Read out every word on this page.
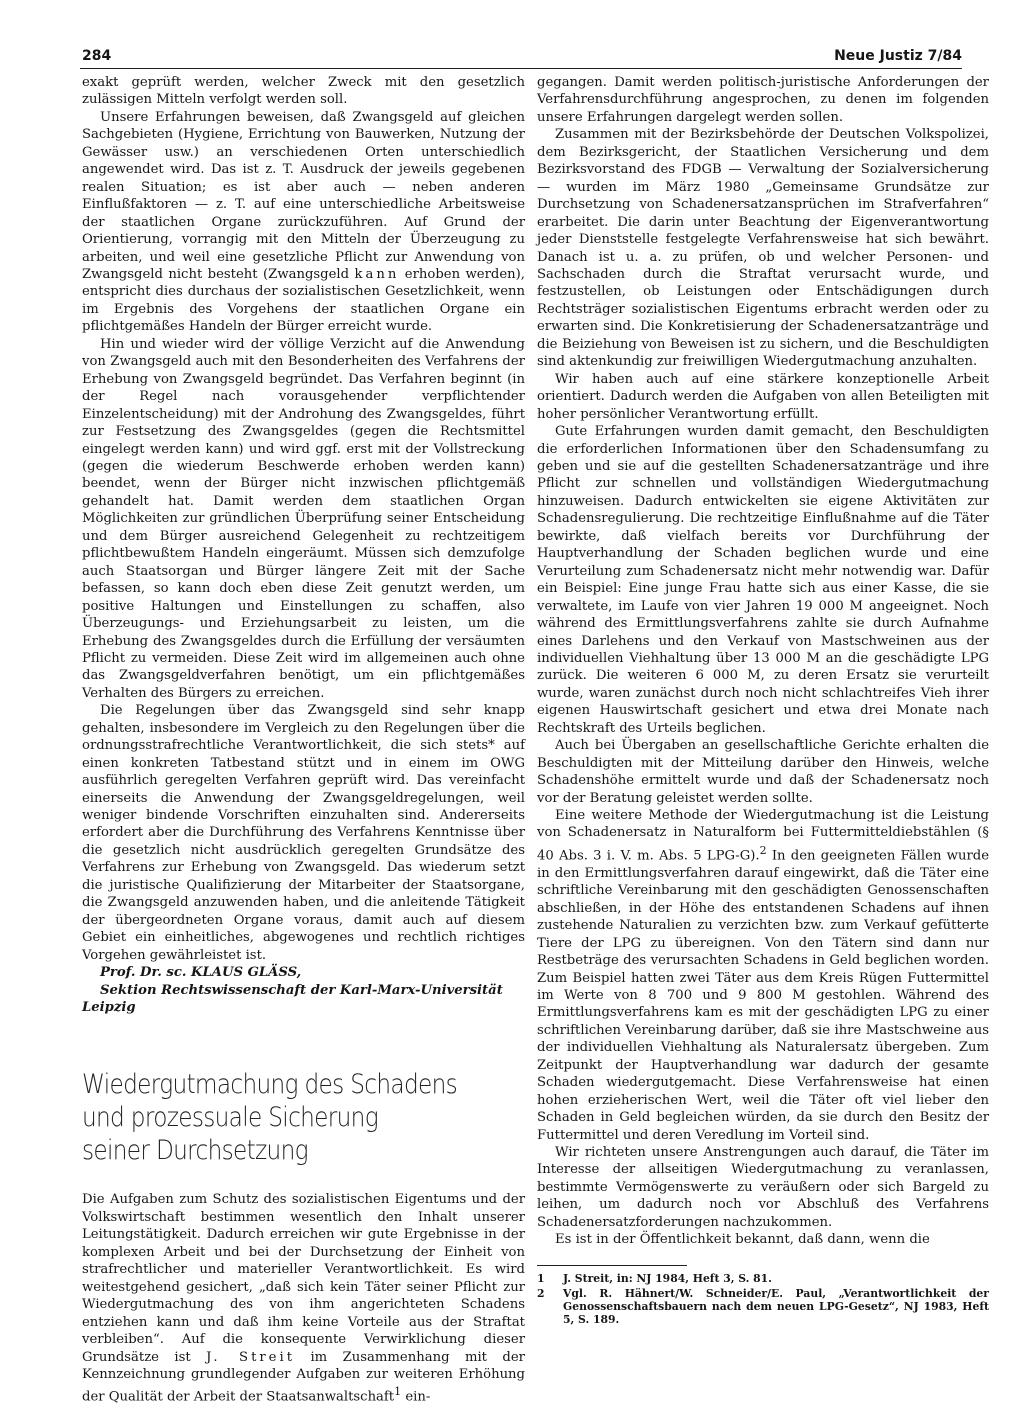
284	Neue Justiz 7/84

exakt geprüft werden, welcher Zweck mit den gesetzlich zulässigen Mitteln verfolgt werden soll.

Unsere Erfahrungen beweisen, daß Zwangsgeld auf gleichen Sachgebieten (Hygiene, Errichtung von Bauwerken, Nutzung der Gewässer usw.) an verschiedenen Orten unterschiedlich angewendet wird. Das ist z. T. Ausdruck der jeweils gegebenen realen Situation; es ist aber auch — neben anderen Einflußfaktoren — z. T. auf eine unterschiedliche Arbeitsweise der staatlichen Organe zurückzuführen. Auf Grund der Orientierung, vorrangig mit den Mitteln der Überzeugung zu arbeiten, und weil eine gesetzliche Pflicht zur Anwendung von Zwangsgeld nicht besteht (Zwangsgeld kann erhoben werden), entspricht dies durchaus der sozialistischen Gesetzlichkeit, wenn im Ergebnis des Vorgehens der staatlichen Organe ein pflichtgemäßes Handeln der Bürger erreicht wurde.

Hin und wieder wird der völlige Verzicht auf die Anwendung von Zwangsgeld auch mit den Besonderheiten des Verfahrens der Erhebung von Zwangsgeld begründet. Das Verfahren beginnt (in der Regel nach vorausgehender verpflichtender Einzelentscheidung) mit der Androhung des Zwangsgeldes, führt zur Festsetzung des Zwangsgeldes (gegen die Rechtsmittel eingelegt werden kann) und wird ggf. erst mit der Vollstreckung (gegen die wiederum Beschwerde erhoben werden kann) beendet, wenn der Bürger nicht inzwischen pflichtgemäß gehandelt hat. Damit werden dem staatlichen Organ Möglichkeiten zur gründlichen Überprüfung seiner Entscheidung und dem Bürger ausreichend Gelegenheit zu rechtzeitigem pflichtbewußtem Handeln eingeräumt. Müssen sich demzufolge auch Staatsorgan und Bürger längere Zeit mit der Sache befassen, so kann doch eben diese Zeit genutzt werden, um positive Haltungen und Einstellungen zu schaffen, also Überzeugungs- und Erziehungsarbeit zu leisten, um die Erhebung des Zwangsgeldes durch die Erfüllung der versäumten Pflicht zu vermeiden. Diese Zeit wird im allgemeinen auch ohne das Zwangsgeldverfahren benötigt, um ein pflichtgemäßes Verhalten des Bürgers zu erreichen.

Die Regelungen über das Zwangsgeld sind sehr knapp gehalten, insbesondere im Vergleich zu den Regelungen über die ordnungsstrafrechtliche Verantwortlichkeit, die sich stets* auf einen konkreten Tatbestand stützt und in einem im OWG ausführlich geregelten Verfahren geprüft wird. Das vereinfacht einerseits die Anwendung der Zwangsgeldregelungen, weil weniger bindende Vorschriften einzuhalten sind. Andererseits erfordert aber die Durchführung des Verfahrens Kenntnisse über die gesetzlich nicht ausdrücklich geregelten Grundsätze des Verfahrens zur Erhebung von Zwangsgeld. Das wiederum setzt die juristische Qualifizierung der Mitarbeiter der Staatsorgane, die Zwangsgeld anzuwenden haben, und die anleitende Tätigkeit der übergeordneten Organe voraus, damit auch auf diesem Gebiet ein einheitliches, abgewogenes und rechtlich richtiges Vorgehen gewährleistet ist.

Prof. Dr. sc. KLAUS GLÄSS,

Sektion Rechtswissenschaft der Karl-Marx-Universität Leipzig

Wiedergutmachung des Schadens
und prozessuale Sicherung
seiner Durchsetzung

Die Aufgaben zum Schutz des sozialistischen Eigentums und der Volkswirtschaft bestimmen wesentlich den Inhalt unserer Leitungstätigkeit. Dadurch erreichen wir gute Ergebnisse in der komplexen Arbeit und bei der Durchsetzung der Einheit von strafrechtlicher und materieller Verantwortlichkeit. Es wird weitestgehend gesichert, „daß sich kein Täter seiner Pflicht zur Wiedergutmachung des von ihm angerichteten Schadens entziehen kann und daß ihm keine Vorteile aus der Straftat verbleiben“. Auf die konsequente Verwirklichung dieser Grundsätze ist J. Streit im Zusammenhang mit der Kennzeichnung grundlegender Aufgaben zur weiteren Erhöhung der Qualität der Arbeit der Staatsanwaltschaft$^1$ ein-

gegangen. Damit werden politisch-juristische Anforderungen der Verfahrensdurchführung angesprochen, zu denen im folgenden unsere Erfahrungen dargelegt werden sollen.

Zusammen mit der Bezirksbehörde der Deutschen Volkspolizei, dem Bezirksgericht, der Staatlichen Versicherung und dem Bezirksvorstand des FDGB — Verwaltung der Sozialversicherung — wurden im März 1980 „Gemeinsame Grundsätze zur Durchsetzung von Schadenersatzansprüchen im Strafverfahren“ erarbeitet. Die darin unter Beachtung der Eigenverantwortung jeder Dienststelle festgelegte Verfahrensweise hat sich bewährt. Danach ist u. a. zu prüfen, ob und welcher Personen- und Sachschaden durch die Straftat verursacht wurde, und festzustellen, ob Leistungen oder Entschädigungen durch Rechtsträger sozialistischen Eigentums erbracht werden oder zu erwarten sind. Die Konkretisierung der Schadenersatzanträge und die Beiziehung von Beweisen ist zu sichern, und die Beschuldigten sind aktenkundig zur freiwilligen Wiedergutmachung anzuhalten.

Wir haben auch auf eine stärkere konzeptionelle Arbeit orientiert. Dadurch werden die Aufgaben von allen Beteiligten mit hoher persönlicher Verantwortung erfüllt.

Gute Erfahrungen wurden damit gemacht, den Beschuldigten die erforderlichen Informationen über den Schadensumfang zu geben und sie auf die gestellten Schadenersatzanträge und ihre Pflicht zur schnellen und vollständigen Wiedergutmachung hinzuweisen. Dadurch entwickelten sie eigene Aktivitäten zur Schadensregulierung. Die rechtzeitige Einflußnahme auf die Täter bewirkte, daß vielfach bereits vor Durchführung der Hauptverhandlung der Schaden beglichen wurde und eine Verurteilung zum Schadenersatz nicht mehr notwendig war. Dafür ein Beispiel: Eine junge Frau hatte sich aus einer Kasse, die sie verwaltete, im Laufe von vier Jahren 19 000 M angeeignet. Noch während des Ermittlungsverfahrens zahlte sie durch Aufnahme eines Darlehens und den Verkauf von Mastschweinen aus der individuellen Viehhaltung über 13 000 M an die geschädigte LPG zurück. Die weiteren 6 000 M, zu deren Ersatz sie verurteilt wurde, waren zunächst durch noch nicht schlachtreifes Vieh ihrer eigenen Hauswirtschaft gesichert und etwa drei Monate nach Rechtskraft des Urteils beglichen.

Auch bei Übergaben an gesellschaftliche Gerichte erhalten die Beschuldigten mit der Mitteilung darüber den Hinweis, welche Schadenshöhe ermittelt wurde und daß der Schadenersatz noch vor der Beratung geleistet werden sollte.

Eine weitere Methode der Wiedergutmachung ist die Leistung von Schadenersatz in Naturalform bei Futtermitteldiebstählen (§ 40 Abs. 3 i. V. m. Abs. 5 LPG-G).$^2$ In den geeigneten Fällen wurde in den Ermittlungsverfahren darauf eingewirkt, daß die Täter eine schriftliche Vereinbarung mit den geschädigten Genossenschaften abschließen, in der Höhe des entstandenen Schadens auf ihnen zustehende Naturalien zu verzichten bzw. zum Verkauf gefütterte Tiere der LPG zu übereignen. Von den Tätern sind dann nur Restbeträge des verursachten Schadens in Geld beglichen worden. Zum Beispiel hatten zwei Täter aus dem Kreis Rügen Futtermittel im Werte von 8 700 und 9 800 M gestohlen. Während des Ermittlungsverfahrens kam es mit der geschädigten LPG zu einer schriftlichen Vereinbarung darüber, daß sie ihre Mastschweine aus der individuellen Viehhaltung als Naturalersatz übergeben. Zum Zeitpunkt der Hauptverhandlung war dadurch der gesamte Schaden wiedergutgemacht. Diese Verfahrensweise hat einen hohen erzieherischen Wert, weil die Täter oft viel lieber den Schaden in Geld begleichen würden, da sie durch den Besitz der Futtermittel und deren Veredlung im Vorteil sind.

Wir richteten unsere Anstrengungen auch darauf, die Täter im Interesse der allseitigen Wiedergutmachung zu veranlassen, bestimmte Vermögenswerte zu veräußern oder sich Bargeld zu leihen, um dadurch noch vor Abschluß des Verfahrens Schadenersatzforderungen nachzukommen.

Es ist in der Öffentlichkeit bekannt, daß dann, wenn die

1	J. Streit, in: NJ 1984, Heft 3, S. 81.
2	Vgl. R. Hähnert/W. Schneider/E. Paul, „Verantwortlichkeit der Genossenschaftsbauern nach dem neuen LPG-Gesetz“, NJ 1983, Heft 5, S. 189.
